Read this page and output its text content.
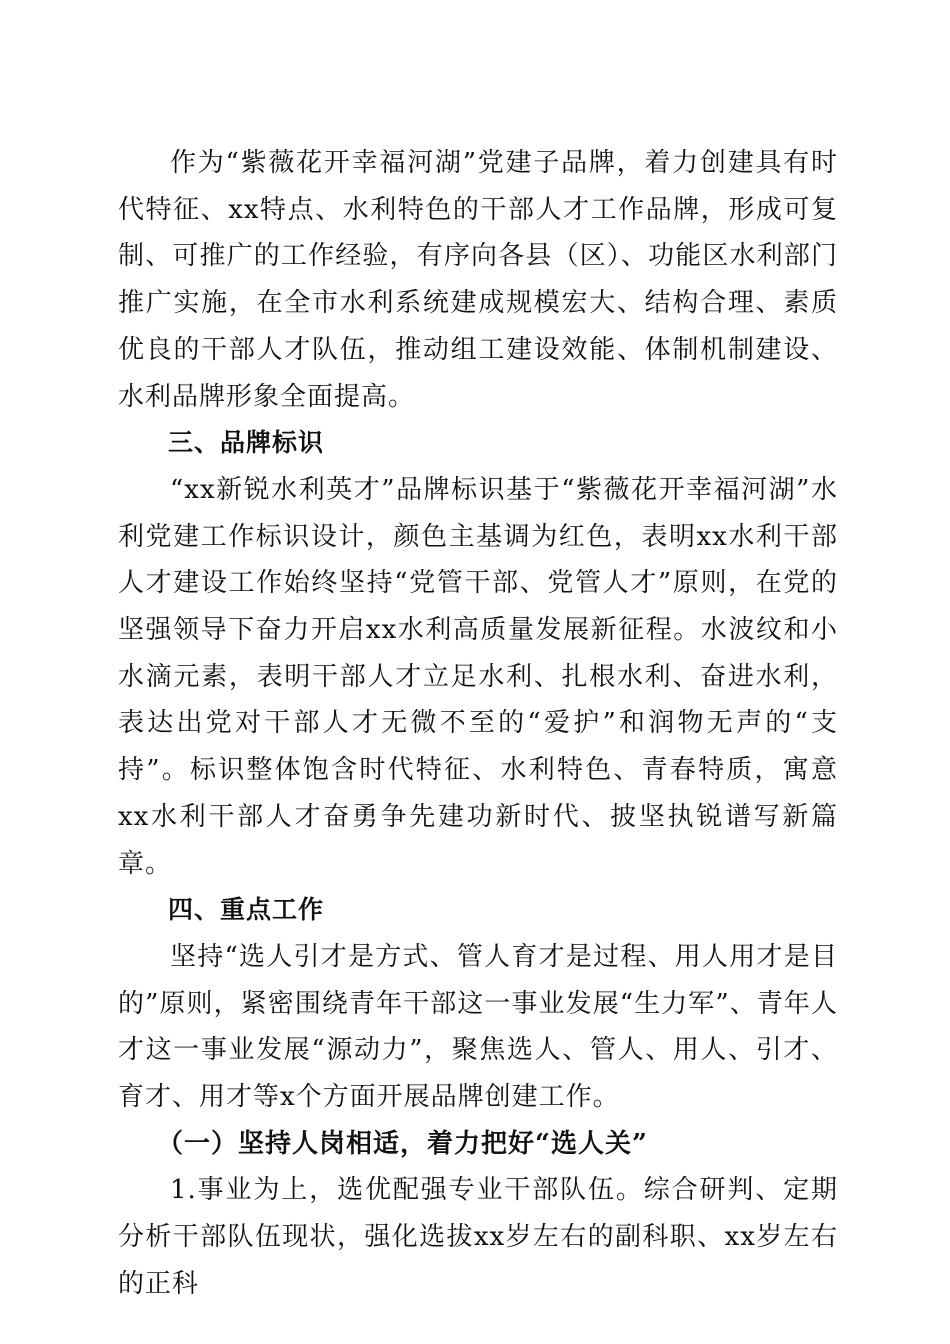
作为“紫薇花开幸福河湖”党建子品牌，着力创建具有时代特征、xx特点、水利特色的干部人才工作品牌，形成可复制、可推广的工作经验，有序向各县（区）、功能区水利部门推广实施，在全市水利系统建成规模宏大、结构合理、素质优良的干部人才队伍，推动组工建设效能、体制机制建设、水利品牌形象全面提高。

三、品牌标识

“xx新锐水利英才”品牌标识基于“紫薇花开幸福河湖”水利党建工作标识设计，颜色主基调为红色，表明xx水利干部人才建设工作始终坚持“党管干部、党管人才”原则，在党的坚强领导下奋力开启xx水利高质量发展新征程。水波纹和小水滴元素，表明干部人才立足水利、扎根水利、奋进水利，表达出党对干部人才无微不至的“爱护”和润物无声的“支持”。标识整体饱含时代特征、水利特色、青春特质，寓意xx水利干部人才奋勇争先建功新时代、披坚执锐谱写新篇章。

四、重点工作

坚持“选人引才是方式、管人育才是过程、用人用才是目的”原则，紧密围绕青年干部这一事业发展“生力军”、青年人才这一事业发展“源动力”，聚焦选人、管人、用人、引才、育才、用才等x个方面开展品牌创建工作。

（一）坚持人岗相适，着力把好“选人关”

1.事业为上，选优配强专业干部队伍。综合研判、定期分析干部队伍现状，强化选拔xx岁左右的副科职、xx岁左右的正科
